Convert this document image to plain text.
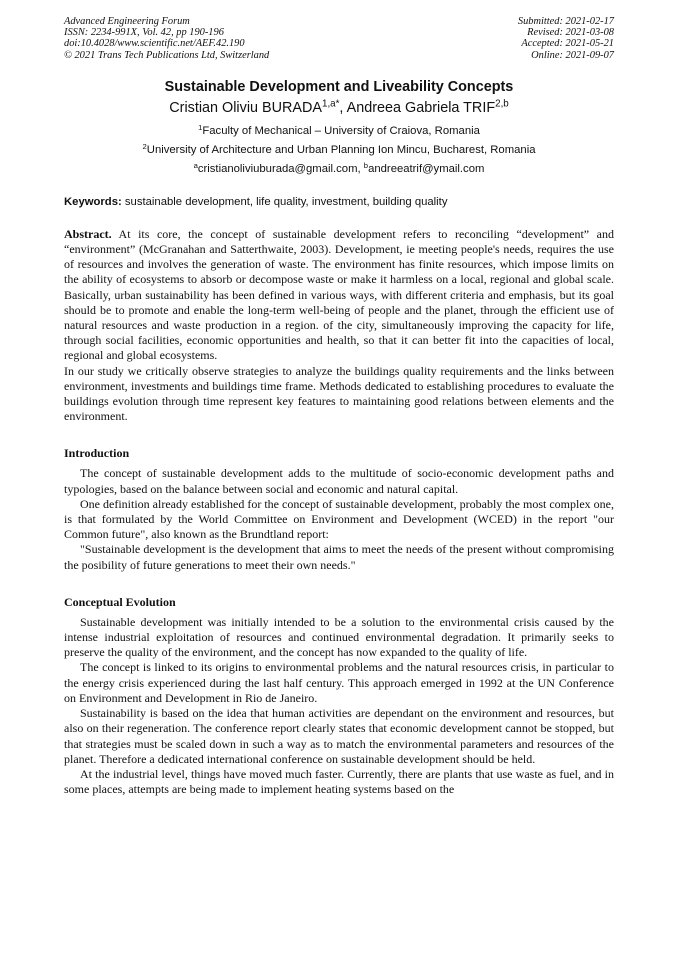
Advanced Engineering Forum
ISSN: 2234-991X, Vol. 42, pp 190-196
doi:10.4028/www.scientific.net/AEF.42.190
© 2021 Trans Tech Publications Ltd, Switzerland
Submitted: 2021-02-17
Revised: 2021-03-08
Accepted: 2021-05-21
Online: 2021-09-07
Sustainable Development and Liveability Concepts
Cristian Oliviu $BURADA^{1,a*}$, Andreea Gabriela TRIF$^{2,b}$
$^1$Faculty of Mechanical – University of Craiova, Romania
$^2$University of Architecture and Urban Planning Ion Mincu, Bucharest, Romania
$^a$cristianoliviuburada@gmail.com, $^b$andreeatrif@ymail.com
Keywords: sustainable development, life quality, investment, building quality

Abstract. At its core, the concept of sustainable development refers to reconciling “development” and “environment” (McGranahan and Satterthwaite, 2003). Development, ie meeting people's needs, requires the use of resources and involves the generation of waste. The environment has finite resources, which impose limits on the ability of ecosystems to absorb or decompose waste or make it harmless on a local, regional and global scale. Basically, urban sustainability has been defined in various ways, with different criteria and emphasis, but its goal should be to promote and enable the long-term well-being of people and the planet, through the efficient use of natural resources and waste production in a region. of the city, simultaneously improving the capacity for life, through social facilities, economic opportunities and health, so that it can better fit into the capacities of local, regional and global ecosystems.

In our study we critically observe strategies to analyze the buildings quality requirements and the links between environment, investments and buildings time frame. Methods dedicated to establishing procedures to evaluate the buildings evolution through time represent key features to maintaining good relations between elements and the environment.

Introduction

The concept of sustainable development adds to the multitude of socio-economic development paths and typologies, based on the balance between social and economic and natural capital.

One definition already established for the concept of sustainable development, probably the most complex one, is that formulated by the World Committee on Environment and Development (WCED) in the report "our Common future", also known as the Brundtland report:

"Sustainable development is the development that aims to meet the needs of the present without compromising the posibility of future generations to meet their own needs."

Conceptual Evolution

Sustainable development was initially intended to be a solution to the environmental crisis caused by the intense industrial exploitation of resources and continued environmental degradation. It primarily seeks to preserve the quality of the environment, and the concept has now expanded to the quality of life.

The concept is linked to its origins to environmental problems and the natural resources crisis, in particular to the energy crisis experienced during the last half century. This approach emerged in 1992 at the UN Conference on Environment and Development in Rio de Janeiro.

Sustainability is based on the idea that human activities are dependant on the environment and resources, but also on their regeneration. The conference report clearly states that economic development cannot be stopped, but that strategies must be scaled down in such a way as to match the environmental parameters and resources of the planet. Therefore a dedicated international conference on sustainable development should be held.

At the industrial level, things have moved much faster. Currently, there are plants that use waste as fuel, and in some places, attempts are being made to implement heating systems based on the
